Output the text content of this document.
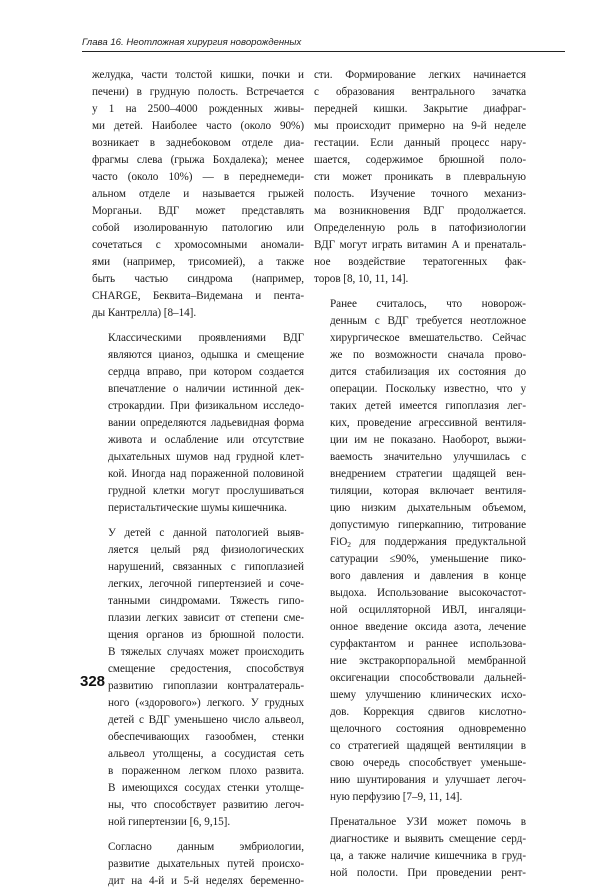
Глава 16. Неотложная хирургия новорожденных

желудка, части толстой кишки, почки и
печени) в грудную полость. Встречается
у 1 на 2500–4000 рожденных живы-
ми детей. Наиболее часто (около 90%)
возникает в заднебоковом отделе диа-
фрагмы слева (грыжа Бохдалека); менее
часто (около 10%) — в переднемеди-
альном отделе и называется грыжей
Морганьи. ВДГ может представлять
собой изолированную патологию или
сочетаться с хромосомными аномали-
ями (например, трисомией), а также
быть частью синдрома (например,
CHARGE, Беквита–Видемана и пента-
ды Кантрелла) [8–14].

Классическими проявлениями ВДГ
являются цианоз, одышка и смещение
сердца вправо, при котором создается
впечатление о наличии истинной дек-
строкардии. При физикальном исследо-
вании определяются ладьевидная форма
живота и ослабление или отсутствие
дыхательных шумов над грудной клет-
кой. Иногда над пораженной половиной
грудной клетки могут прослушиваться
перистальтические шумы кишечника.

У детей с данной патологией выяв-
ляется целый ряд физиологических
нарушений, связанных с гипоплазией
легких, легочной гипертензией и соче-
танными синдромами. Тяжесть гипо-
плазии легких зависит от степени сме-
щения органов из брюшной полости.
В тяжелых случаях может происходить
смещение средостения, способствуя
развитию гипоплазии контралатераль-
ного («здорового») легкого. У грудных
детей с ВДГ уменьшено число альвеол,
обеспечивающих газообмен, стенки
альвеол утолщены, а сосудистая сеть
в пораженном легком плохо развита.
В имеющихся сосудах стенки утолще-
ны, что способствует развитию легоч-
ной гипертензии [6, 9,15].

Согласно данным эмбриологии,
развитие дыхательных путей происхо-
дит на 4-й и 5-й неделях беременно-

сти. Формирование легких начинается
с образования вентрального зачатка
передней кишки. Закрытие диафраг-
мы происходит примерно на 9-й неделе
гестации. Если данный процесс нару-
шается, содержимое брюшной поло-
сти может проникать в плевральную
полость. Изучение точного механиз-
ма возникновения ВДГ продолжается.
Определенную роль в патофизиологии
ВДГ могут играть витамин А и пренаталь-
ное воздействие тератогенных фак-
торов [8, 10, 11, 14].

Ранее считалось, что новорож-
денным с ВДГ требуется неотложное
хирургическое вмешательство. Сейчас
же по возможности сначала прово-
дится стабилизация их состояния до
операции. Поскольку известно, что у
таких детей имеется гипоплазия лег-
ких, проведение агрессивной вентиля-
ции им не показано. Наоборот, выжи-
ваемость значительно улучшилась с
внедрением стратегии щадящей вен-
тиляции, которая включает вентиля-
цию низким дыхательным объемом,
допустимую гиперкапнию, титрование
FiO$_2$ для поддержания предуктальной
сатурации ≤90%, уменьшение пико-
вого давления и давления в конце
выдоха. Использование высокочастот-
ной осцилляторной ИВЛ, ингаляци-
онное введение оксида азота, лечение
сурфактантом и раннее использова-
ние экстракорпоральной мембранной
оксигенации способствовали дальней-
шему улучшению клинических исхо-
дов. Коррекция сдвигов кислотно-
щелочного состояния одновременно
со стратегией щадящей вентиляции в
свою очередь способствует уменьше-
нию шунтирования и улучшает легоч-
ную перфузию [7–9, 11, 14].

Пренатальное УЗИ может помочь в
диагностике и выявить смещение серд-
ца, а также наличие кишечника в груд-
ной полости. При проведении рент-

328
